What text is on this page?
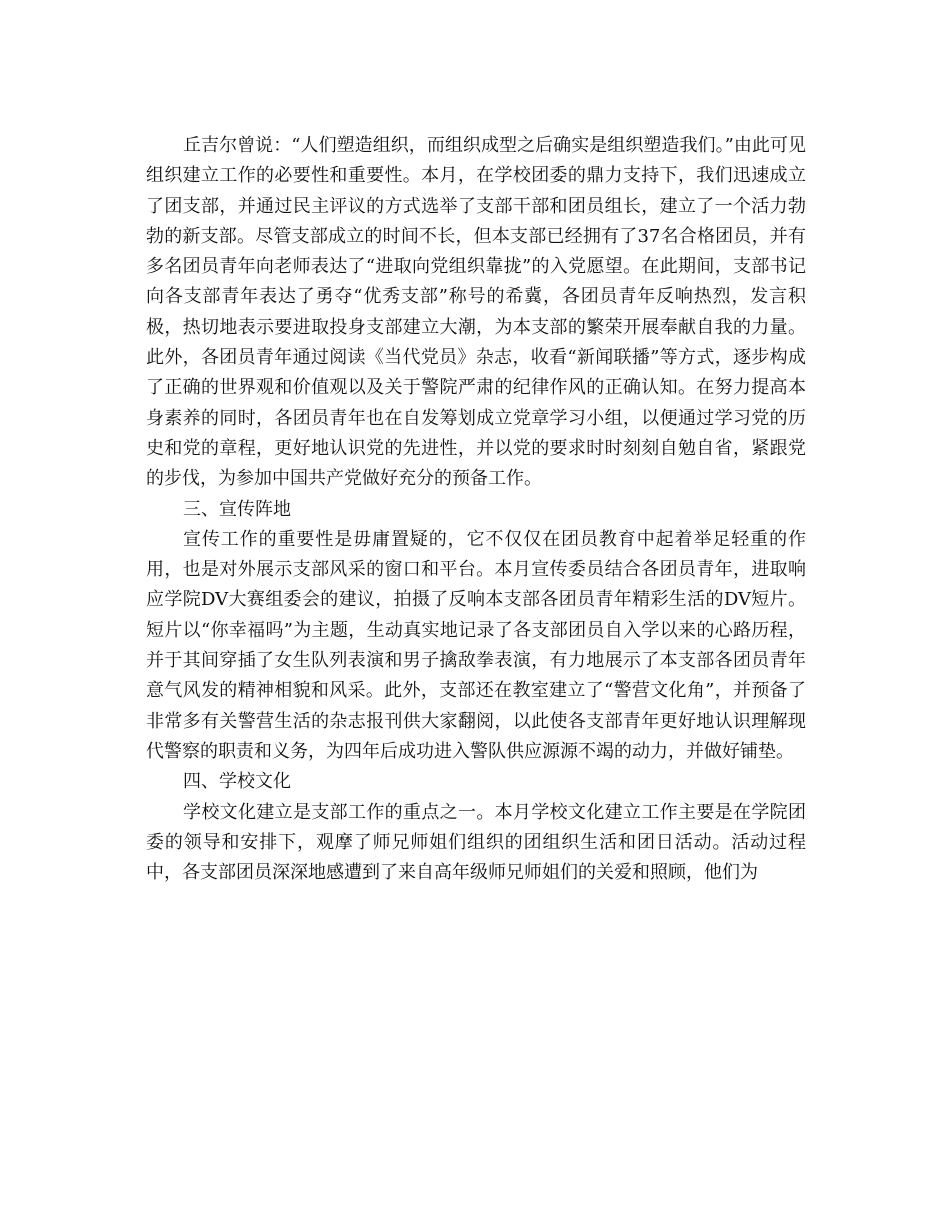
丘吉尔曾说：“人们塑造组织，而组织成型之后确实是组织塑造我们。”由此可见组织建立工作的必要性和重要性。本月，在学校团委的鼎力支持下，我们迅速成立了团支部，并通过民主评议的方式选举了支部干部和团员组长，建立了一个活力勃勃的新支部。尽管支部成立的时间不长，但本支部已经拥有了37名合格团员，并有多名团员青年向老师表达了“进取向党组织靠拢”的入党愿望。在此期间，支部书记向各支部青年表达了勇夺“优秀支部”称号的希冀，各团员青年反响热烈，发言积极，热切地表示要进取投身支部建立大潮，为本支部的繁荣开展奉献自我的力量。此外，各团员青年通过阅读《当代党员》杂志，收看“新闻联播”等方式，逐步构成了正确的世界观和价值观以及关于警院严肃的纪律作风的正确认知。在努力提高本身素养的同时，各团员青年也在自发筹划成立党章学习小组，以便通过学习党的历史和党的章程，更好地认识党的先进性，并以党的要求时时刻刻自勉自省，紧跟党的步伐，为参加中国共产党做好充分的预备工作。

三、宣传阵地

宣传工作的重要性是毋庸置疑的，它不仅仅在团员教育中起着举足轻重的作用，也是对外展示支部风采的窗口和平台。本月宣传委员结合各团员青年，进取响应学院DV大赛组委会的建议，拍摄了反响本支部各团员青年精彩生活的DV短片。短片以“你幸福吗”为主题，生动真实地记录了各支部团员自入学以来的心路历程，并于其间穿插了女生队列表演和男子擒敌拳表演，有力地展示了本支部各团员青年意气风发的精神相貌和风采。此外，支部还在教室建立了“警营文化角”，并预备了非常多有关警营生活的杂志报刊供大家翻阅，以此使各支部青年更好地认识理解现代警察的职责和义务，为四年后成功进入警队供应源源不竭的动力，并做好铺垫。

四、学校文化

学校文化建立是支部工作的重点之一。本月学校文化建立工作主要是在学院团委的领导和安排下，观摩了师兄师姐们组织的团组织生活和团日活动。活动过程中，各支部团员深深地感遭到了来自高年级师兄师姐们的关爱和照顾，他们为
